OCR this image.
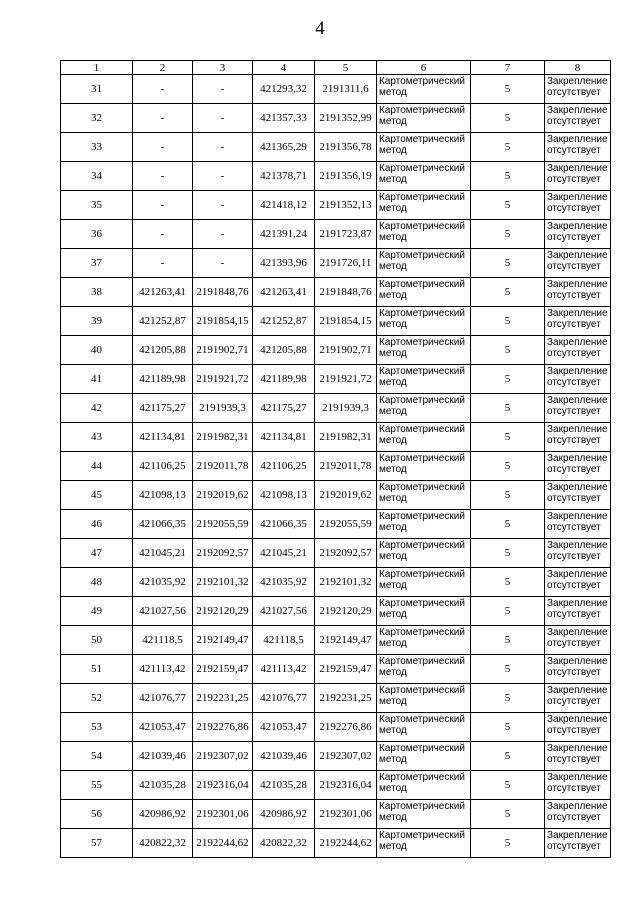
4
1	2	3	4	5	6	7	8
31	-	-	421293,32	2191311,6	Картометрический метод	5	Закрепление отсутствует
32	-	-	421357,33	2191352,99	Картометрический метод	5	Закрепление отсутствует
33	-	-	421365,29	2191356,78	Картометрический метод	5	Закрепление отсутствует
34	-	-	421378,71	2191356,19	Картометрический метод	5	Закрепление отсутствует
35	-	-	421418,12	2191352,13	Картометрический метод	5	Закрепление отсутствует
36	-	-	421391,24	2191723,87	Картометрический метод	5	Закрепление отсутствует
37	-	-	421393,96	2191726,11	Картометрический метод	5	Закрепление отсутствует
38	421263,41	2191848,76	421263,41	2191848,76	Картометрический метод	5	Закрепление отсутствует
39	421252,87	2191854,15	421252,87	2191854,15	Картометрический метод	5	Закрепление отсутствует
40	421205,88	2191902,71	421205,88	2191902,71	Картометрический метод	5	Закрепление отсутствует
41	421189,98	2191921,72	421189,98	2191921,72	Картометрический метод	5	Закрепление отсутствует
42	421175,27	2191939,3	421175,27	2191939,3	Картометрический метод	5	Закрепление отсутствует
43	421134,81	2191982,31	421134,81	2191982,31	Картометрический метод	5	Закрепление отсутствует
44	421106,25	2192011,78	421106,25	2192011,78	Картометрический метод	5	Закрепление отсутствует
45	421098,13	2192019,62	421098,13	2192019,62	Картометрический метод	5	Закрепление отсутствует
46	421066,35	2192055,59	421066,35	2192055,59	Картометрический метод	5	Закрепление отсутствует
47	421045,21	2192092,57	421045,21	2192092,57	Картометрический метод	5	Закрепление отсутствует
48	421035,92	2192101,32	421035,92	2192101,32	Картометрический метод	5	Закрепление отсутствует
49	421027,56	2192120,29	421027,56	2192120,29	Картометрический метод	5	Закрепление отсутствует
50	421118,5	2192149,47	421118,5	2192149,47	Картометрический метод	5	Закрепление отсутствует
51	421113,42	2192159,47	421113,42	2192159,47	Картометрический метод	5	Закрепление отсутствует
52	421076,77	2192231,25	421076,77	2192231,25	Картометрический метод	5	Закрепление отсутствует
53	421053,47	2192276,86	421053,47	2192276,86	Картометрический метод	5	Закрепление отсутствует
54	421039,46	2192307,02	421039,46	2192307,02	Картометрический метод	5	Закрепление отсутствует
55	421035,28	2192316,04	421035,28	2192316,04	Картометрический метод	5	Закрепление отсутствует
56	420986,92	2192301,06	420986,92	2192301,06	Картометрический метод	5	Закрепление отсутствует
57	420822,32	2192244,62	420822,32	2192244,62	Картометрический метод	5	Закрепление отсутствует
